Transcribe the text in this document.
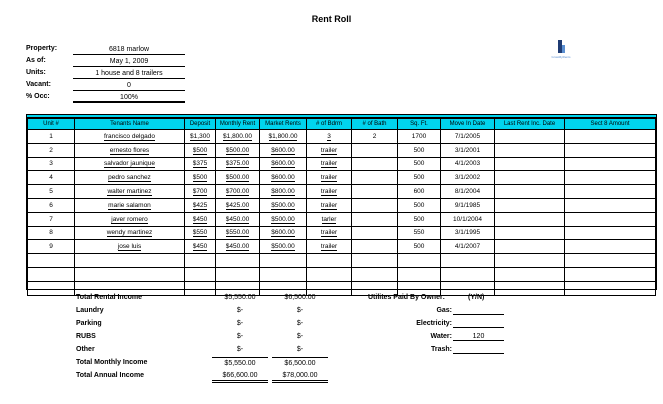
Rent Roll
GrowMyRents
Property:	6818 marlow
As of:	May 1, 2009
Units:	1 house and 8 trailers
Vacant:	0
% Occ:	100%
Unit #	Tenants Name	Deposit	Monthly Rent	Market Rents	# of Bdrm	# of Bath	Sq. Ft.	Move In Date	Last Rent Inc. Date	Sect 8 Amount
1	francisco delgado	$1,300	$1,800.00	$1,800.00	3	2	1700	7/1/2005		
2	ernesto flores	$500	$500.00	$600.00	trailer		500	3/1/2001		
3	salvador jaunique	$375	$375.00	$600.00	trailer		500	4/1/2003		
4	pedro sanchez	$500	$500.00	$600.00	trailer		500	3/1/2002		
5	walter martinez	$700	$700.00	$800.00	trailer		600	8/1/2004		
6	marie salamon	$425	$425.00	$500.00	trailer		500	9/1/1985		
7	javer romero	$450	$450.00	$500.00	tarler		500	10/1/2004		
8	wendy martinez	$550	$550.00	$600.00	trailer		550	3/1/1995		
9	jose luis	$450	$450.00	$500.00	trailer		500	4/1/2007		

Total Rental Income	$5,550.00	$6,500.00
Laundry	$-	$-
Parking	$-	$-
RUBS	$-	$-
Other	$-	$-
Total Monthly Income	$5,550.00	$6,500.00
Total Annual Income	$66,600.00	$78,000.00
Utilites Paid By Owner:	(Y/N)
Gas:
Electricity:
Water:	120
Trash:
